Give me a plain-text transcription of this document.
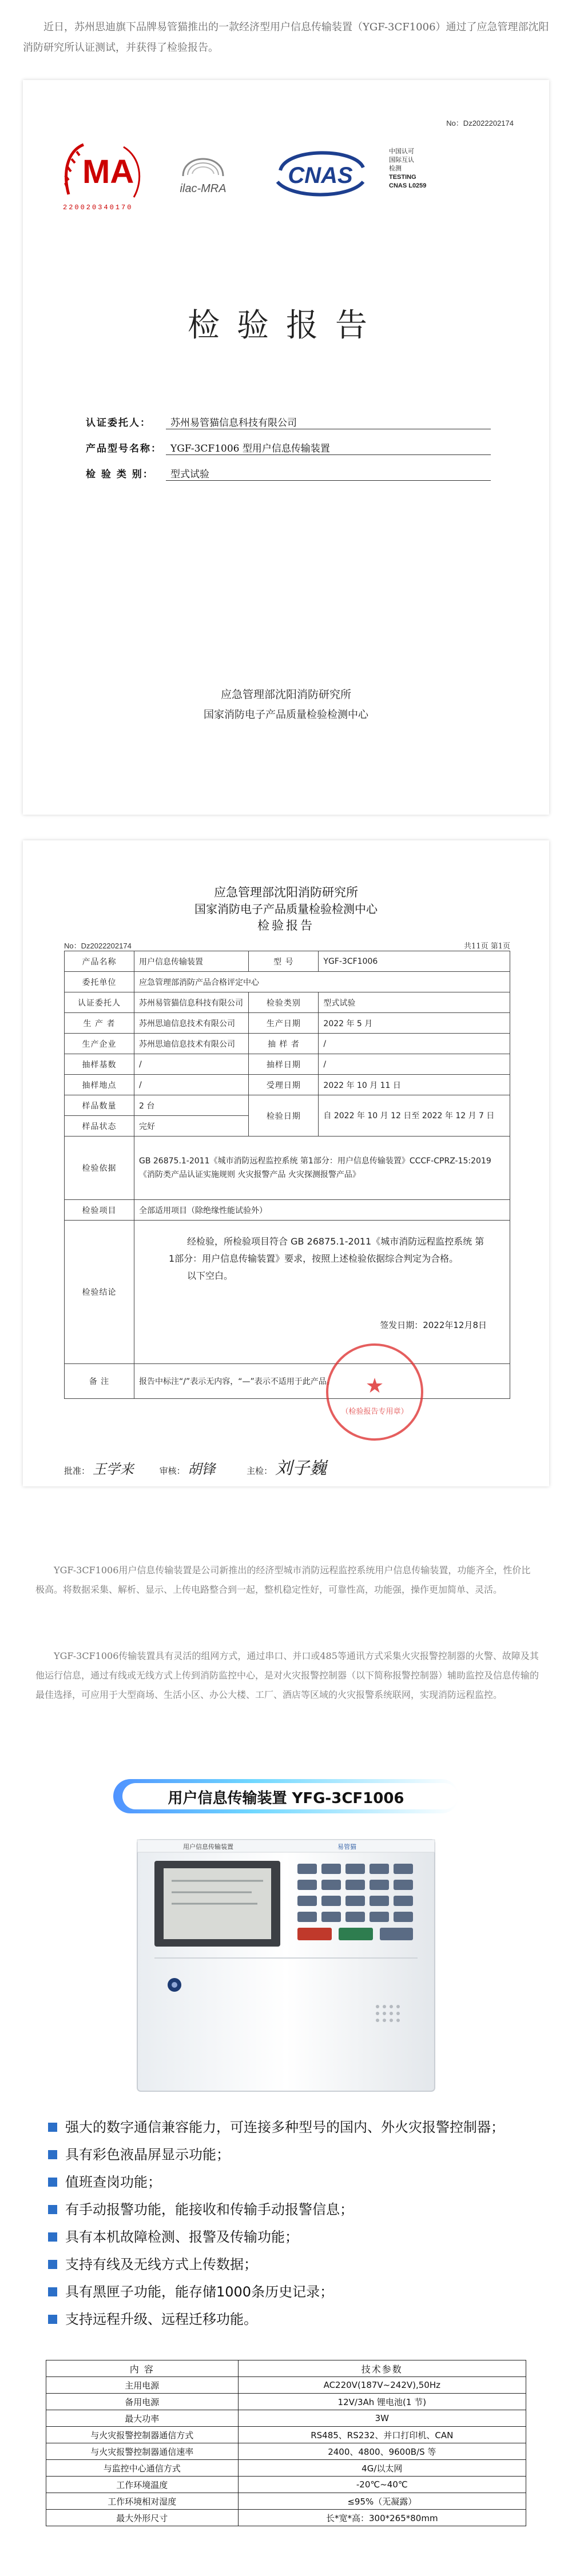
近日，苏州思迪旗下品牌易管猫推出的一款经济型用户信息传输装置（YGF-3CF1006）通过了应急管理部沈阳消防研究所认证测试，并获得了检验报告。
No：Dz2022202174
MA
220020340170
ilac-MRA
CNAS
中国认可
国际互认
检测
TESTING
CNAS L0259
检验报告
认证委托人： 苏州易管猫信息科技有限公司
产品型号名称： YGF-3CF1006 型用户信息传输装置
检 验 类 别： 型式试验
应急管理部沈阳消防研究所
国家消防电子产品质量检验检测中心
应急管理部沈阳消防研究所
国家消防电子产品质量检验检测中心
检验报告
No：Dz2022202174	共11页 第1页
产品名称	用户信息传输装置	型 号	YGF-3CF1006
委托单位	应急管理部消防产品合格评定中心		
认证委托人	苏州易管猫信息科技有限公司	检验类别	型式试验
生 产 者	苏州思迪信息技术有限公司	生产日期	2022 年 5 月
生产企业	苏州思迪信息技术有限公司	抽 样 者	/
抽样基数	/	抽样日期	/
抽样地点	/	受理日期	2022 年 10 月 11 日
样品数量	2 台	检验日期	自 2022 年 10 月 12 日至 2022 年 12 月 7 日
样品状态	完好		
检验依据	GB 26875.1-2011《城市消防远程监控系统 第1部分：用户信息传输装置》CCCF-CPRZ-15:2019《消防类产品认证实施规则 火灾报警产品 火灾探测报警产品》		
检验项目	全部适用项目（除绝缘性能试验外）		
检验结论	经检验，所检验项目符合 GB 26875.1-2011《城市消防远程监控系统 第1部分：用户信息传输装置》要求，按照上述检验依据综合判定为合格。
以下空白。
签发日期：2022年12月8日		

备 注	报告中标注“/”表示无内容，“—”表示不适用于此产品。			★
（检验报告专用章）
批准： 王学来	审核： 胡锋	主检： 刘子巍
YGF-3CF1006用户信息传输装置是公司新推出的经济型城市消防远程监控系统用户信息传输装置，功能齐全，性价比极高。将数据采集、解析、显示、上传电路整合到一起，整机稳定性好，可靠性高，功能强，操作更加简单、灵活。
YGF-3CF1006传输装置具有灵活的组网方式，通过串口、并口或485等通讯方式采集火灾报警控制器的火警、故障及其他运行信息，通过有线或无线方式上传到消防监控中心，是对火灾报警控制器（以下简称报警控制器）辅助监控及信息传输的最佳选择，可应用于大型商场、生活小区、办公大楼、工厂、酒店等区域的火灾报警系统联网，实现消防远程监控。
用户信息传输装置 YFG-3CF1006
用户信息传输装置	易管猫
强大的数字通信兼容能力，可连接多种型号的国内、外火灾报警控制器；
具有彩色液晶屏显示功能；
值班查岗功能；
有手动报警功能，能接收和传输手动报警信息；
具有本机故障检测、报警及传输功能；
支持有线及无线方式上传数据；
具有黑匣子功能，能存储1000条历史记录；
支持远程升级、远程迁移功能。
内 容	技术参数
主用电源	AC220V(187V~242V),50Hz
备用电源	12V/3Ah 锂电池(1 节)
最大功率	3W
与火灾报警控制器通信方式	RS485、RS232、并口打印机、CAN
与火灾报警控制器通信速率	2400、4800、9600B/S 等
与监控中心通信方式	4G/以太网
工作环境温度	-20℃~40℃
工作环境相对湿度	≤95%（无凝露）
最大外形尺寸	长*宽*高：300*265*80mm
